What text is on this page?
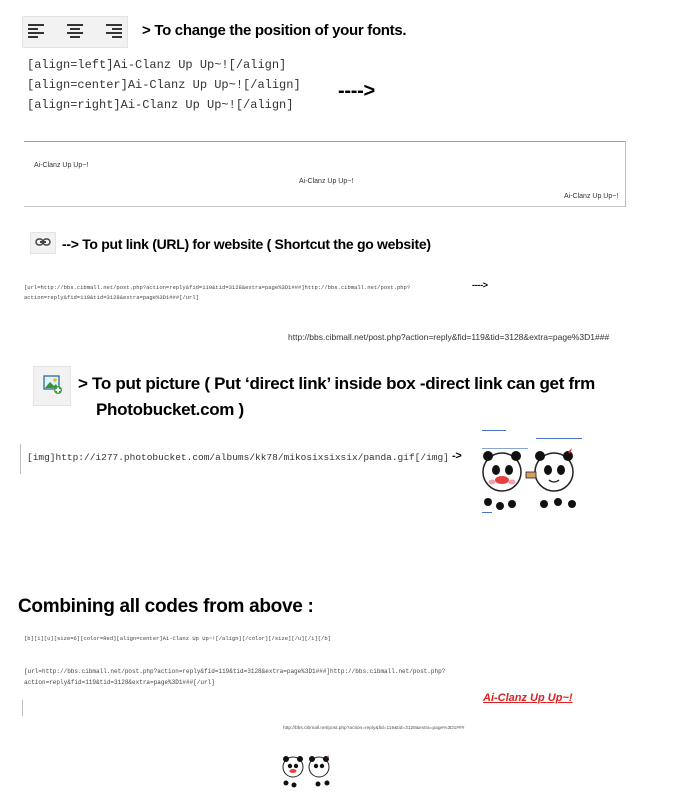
> To change the position of your fonts.
[align=left]Ai-Clanz Up Up~![/align]
[align=center]Ai-Clanz Up Up~![/align]
[align=right]Ai-Clanz Up Up~![/align]
---->
Ai-Clanz Up Up~!
Ai-Clanz Up Up~!
Ai-Clanz Up Up~!
--> To put link (URL) for website ( Shortcut the go website)
[url=http://bbs.cibmall.net/post.php?action=reply&fid=119&tid=3128&extra=page%3D1###]http://bbs.cibmall.net/post.php?
action=reply&fid=119&tid=3128&extra=page%3D1###[/url]
---->
http://bbs.cibmall.net/post.php?action=reply&fid=119&tid=3128&extra=page%3D1###
> To put picture ( Put ‘direct link’ inside box -direct link can get frm
Photobucket.com )
[img]http://i277.photobucket.com/albums/kk78/mikosixsixsix/panda.gif[/img] ->
Combining all codes from above :
[b][i][u][size=6][color=Red][align=center]Ai-Clanz Up Up~![/align][/color][/size][/u][/i][/b]
[url=http://bbs.cibmall.net/post.php?action=reply&fid=119&tid=3128&extra=page%3D1###]http://bbs.cibmall.net/post.php?
action=reply&fid=119&tid=3128&extra=page%3D1###[/url]
Ai-Clanz Up Up~!
http://bbs.cibmall.net/post.php?action=reply&fid=119&tid=3128&extra=page%3D1###
